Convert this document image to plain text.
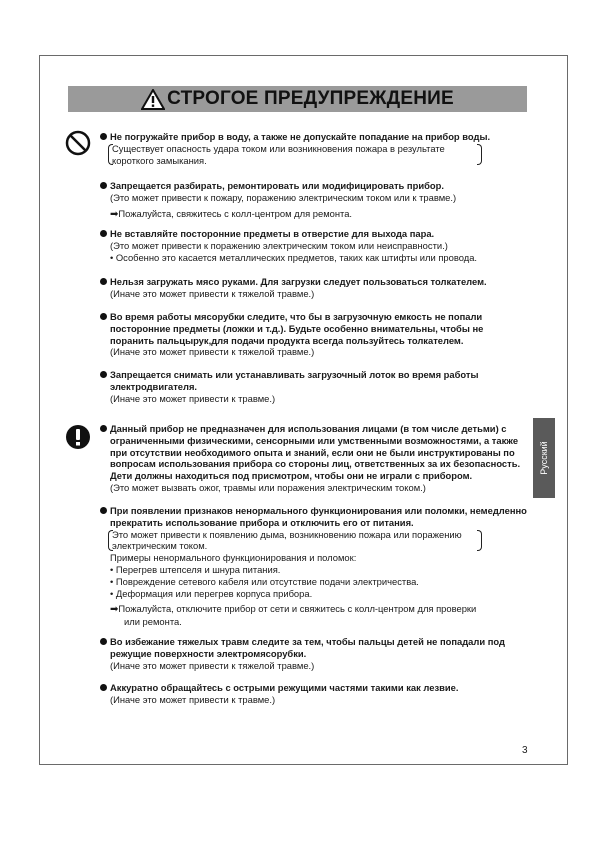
СТРОГОЕ ПРЕДУПРЕЖДЕНИЕ
Русский
Не погружайте прибор в воду, а также не допускайте попадание на прибор воды.
Существует опасность удара током или возникновения пожара в результате
короткого замыкания.
Запрещается разбирать, ремонтировать или модифицировать прибор.
(Это может привести к пожару, поражению электрическим током или к травме.)
➡Пожалуйста, свяжитесь с колл-центром для ремонта.
Не вставляйте посторонние предметы в отверстие для выхода пара.
(Это может привести к поражению электрическим током или неисправности.)
• Особенно это касается металлических предметов, таких как штифты или провода.
Нельзя загружать мясо руками. Для загрузки следует пользоваться толкателем.
(Иначе это может привести к тяжелой травме.)
Во время работы мясорубки следите, что бы в загрузочную емкость не попали
посторонние предметы (ложки и т.д.). Будьте особенно внимательны, чтобы не
поранить пальцырук,для подачи продукта всегда пользуйтесь толкателем.
(Иначе это может привести к тяжелой травме.)
Запрещается снимать или устанавливать загрузочный лоток во время работы
электродвигателя.
(Иначе это может привести к травме.)
Данный прибор не предназначен для использования лицами (в том числе детьми) с
ограниченными физическими, сенсорными или умственными возможностями, а также
при отсутствии необходимого опыта и знаний, если они не были инструктированы по
вопросам использования прибора со стороны лиц, ответственных за их безопасность.
Дети должны находиться под присмотром, чтобы они не играли с прибором.
(Это может вызвать ожог, травмы или поражения электрическим током.)
При появлении признаков ненормального функционирования или поломки, немедленно
прекратить использование прибора и отключить его от питания.
Это может привести к появлению дыма, возникновению пожара или поражению
электрическим током.
Примеры ненормального функционирования и поломок:
• Перегрев штепселя и шнура питания.
• Повреждение сетевого кабеля или отсутствие подачи электричества.
• Деформация или перегрев корпуса прибора.
➡Пожалуйста, отключите прибор от сети и свяжитесь с колл-центром для проверки
или ремонта.
Во избежание тяжелых травм следите за тем, чтобы пальцы детей не попадали под
режущие поверхности электромясорубки.
(Иначе это может привести к тяжелой травме.)
Аккуратно обращайтесь с острыми режущими частями такими как лезвие.
(Иначе это может привести к травме.)
3
